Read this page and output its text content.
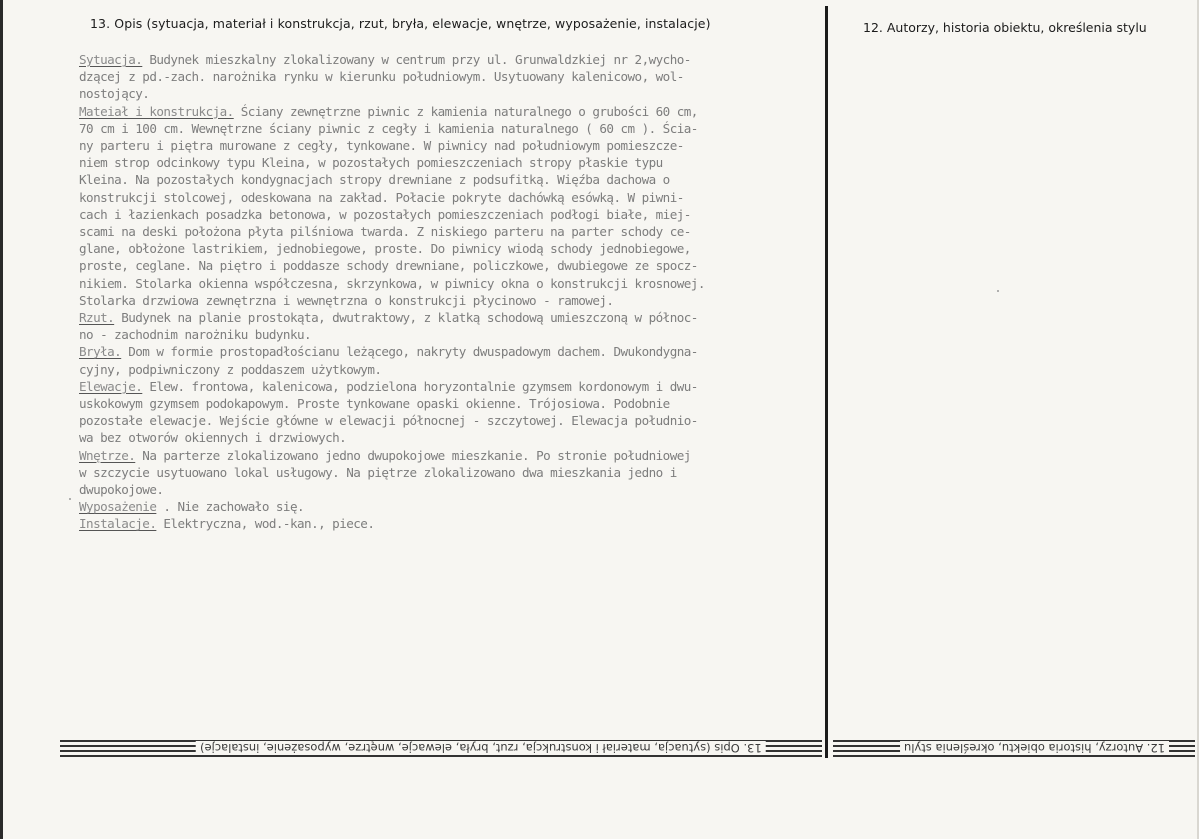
13. Opis (sytuacja, materiał i konstrukcja, rzut, bryła, elewacje, wnętrze, wyposażenie, instalacje)	12. Autorzy, historia obiektu, określenia stylu
Sytuacja. Budynek mieszkalny zlokalizowany w centrum przy ul. Grunwaldzkiej nr 2,wycho-
dzącej z pd.-zach. narożnika rynku w kierunku południowym. Usytuowany kalenicowo, wol-
nostojący.
Mateiał i konstrukcja. Ściany zewnętrzne piwnic z kamienia naturalnego o grubości 60 cm,
70 cm i 100 cm. Wewnętrzne ściany piwnic z cegły i kamienia naturalnego ( 60 cm ). Ścia-
ny parteru i piętra murowane z cegły, tynkowane. W piwnicy nad południowym pomieszcze-
niem strop odcinkowy typu Kleina, w pozostałych pomieszczeniach stropy płaskie typu
Kleina. Na pozostałych kondygnacjach stropy drewniane z podsufitką. Więźba dachowa o
konstrukcji stolcowej, odeskowana na zakład. Połacie pokryte dachówką esówką. W piwni-
cach i łazienkach posadzka betonowa, w pozostałych pomieszczeniach podłogi białe, miej-
scami na deski położona płyta pilśniowa twarda. Z niskiego parteru na parter schody ce-
glane, obłożone lastrikiem, jednobiegowe, proste. Do piwnicy wiodą schody jednobiegowe,
proste, ceglane. Na piętro i poddasze schody drewniane, policzkowe, dwubiegowe ze spocz-
nikiem. Stolarka okienna współczesna, skrzynkowa, w piwnicy okna o konstrukcji krosnowej.
Stolarka drzwiowa zewnętrzna i wewnętrzna o konstrukcji płycinowo - ramowej.
Rzut. Budynek na planie prostokąta, dwutraktowy, z klatką schodową umieszczoną w północ-
no - zachodnim narożniku budynku.
Bryła. Dom w formie prostopadłościanu leżącego, nakryty dwuspadowym dachem. Dwukondygna-
cyjny, podpiwniczony z poddaszem użytkowym.
Elewacje. Elew. frontowa, kalenicowa, podzielona horyzontalnie gzymsem kordonowym i dwu-
uskokowym gzymsem podokapowym. Proste tynkowane opaski okienne. Trójosiowa. Podobnie
pozostałe elewacje. Wejście główne w elewacji północnej - szczytowej. Elewacja południo-
wa bez otworów okiennych i drzwiowych.
Wnętrze. Na parterze zlokalizowano jedno dwupokojowe mieszkanie. Po stronie południowej
w szczycie usytuowano lokal usługowy. Na piętrze zlokalizowano dwa mieszkania jedno i
dwupokojowe.
Wyposażenie . Nie zachowało się.
Instalacje. Elektryczna, wod.-kan., piece.
13. Opis (sytuacja, materiał i konstrukcja, rzut, bryła, elewacje, wnętrze, wyposażenie, instalacje)	12. Autorzy, historia obiektu, określenia stylu
